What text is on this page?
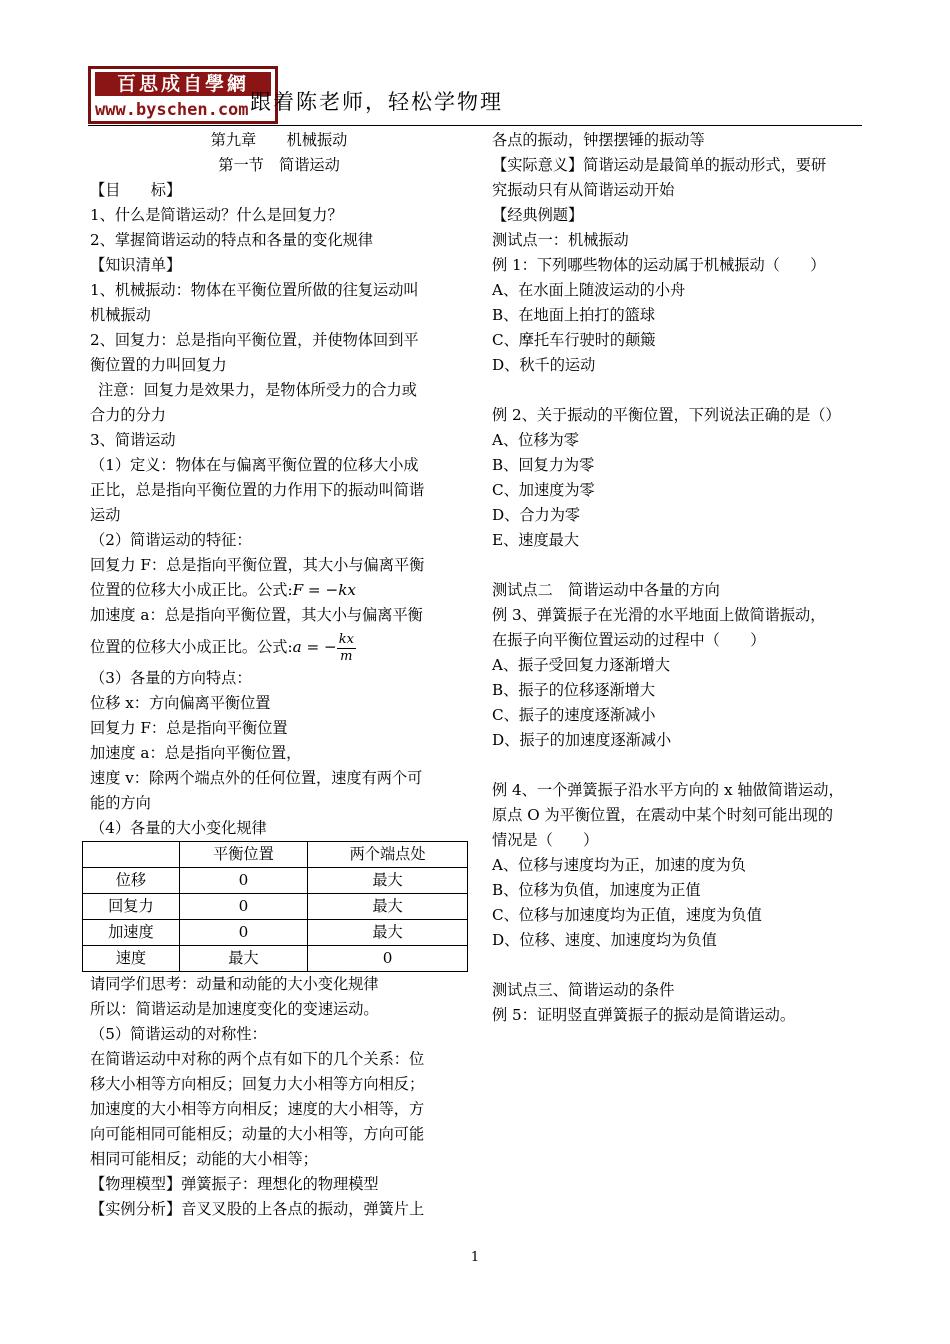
百思成自學網
www.byschen.com 跟着陈老师，轻松学物理

第九章　　机械振动

第一节　简谐运动

【目　　标】

1、什么是简谐运动？什么是回复力？

2、掌握简谐运动的特点和各量的变化规律

【知识清单】

1、机械振动：物体在平衡位置所做的往复运动叫

机械振动

2、回复力：总是指向平衡位置，并使物体回到平

衡位置的力叫回复力

注意：回复力是效果力，是物体所受力的合力或

合力的分力

3、简谐运动

（1）定义：物体在与偏离平衡位置的位移大小成

正比，总是指向平衡位置的力作用下的振动叫简谐

运动

（2）简谐运动的特征：

回复力 F：总是指向平衡位置，其大小与偏离平衡

位置的位移大小成正比。公式:F = −kx

加速度 a：总是指向平衡位置，其大小与偏离平衡

位置的位移大小成正比。公式:a = − $\frac{kx}{m}$

（3）各量的方向特点：

位移 x：方向偏离平衡位置

回复力 F：总是指向平衡位置

加速度 a：总是指向平衡位置，

速度 v：除两个端点外的任何位置，速度有两个可

能的方向

（4）各量的大小变化规律

	平衡位置	两个端点处
位移	0	最大
回复力	0	最大
加速度	0	最大
速度	最大	0

请同学们思考：动量和动能的大小变化规律

所以：简谐运动是加速度变化的变速运动。

（5）简谐运动的对称性：

在简谐运动中对称的两个点有如下的几个关系：位

移大小相等方向相反；回复力大小相等方向相反；

加速度的大小相等方向相反；速度的大小相等，方

向可能相同可能相反；动量的大小相等，方向可能

相同可能相反；动能的大小相等；

【物理模型】弹簧振子：理想化的物理模型

【实例分析】音叉叉股的上各点的振动，弹簧片上

各点的振动，钟摆摆锤的振动等

【实际意义】简谐运动是最简单的振动形式，要研

究振动只有从简谐运动开始

【经典例题】

测试点一：机械振动

例 1：下列哪些物体的运动属于机械振动（　　）

A、在水面上随波运动的小舟

B、在地面上拍打的篮球

C、摩托车行驶时的颠簸

D、秋千的运动

例 2、关于振动的平衡位置，下列说法正确的是（）

A、位移为零

B、回复力为零

C、加速度为零

D、合力为零

E、速度最大

测试点二　简谐运动中各量的方向

例 3、弹簧振子在光滑的水平地面上做简谐振动，

在振子向平衡位置运动的过程中（　　）

A、振子受回复力逐渐增大

B、振子的位移逐渐增大

C、振子的速度逐渐减小

D、振子的加速度逐渐减小

例 4、一个弹簧振子沿水平方向的 x 轴做简谐运动，

原点 O 为平衡位置，在震动中某个时刻可能出现的

情况是（　　）

A、位移与速度均为正，加速的度为负

B、位移为负值，加速度为正值

C、位移与加速度均为正值，速度为负值

D、位移、速度、加速度均为负值

测试点三、简谐运动的条件

例 5：证明竖直弹簧振子的振动是简谐运动。

1
